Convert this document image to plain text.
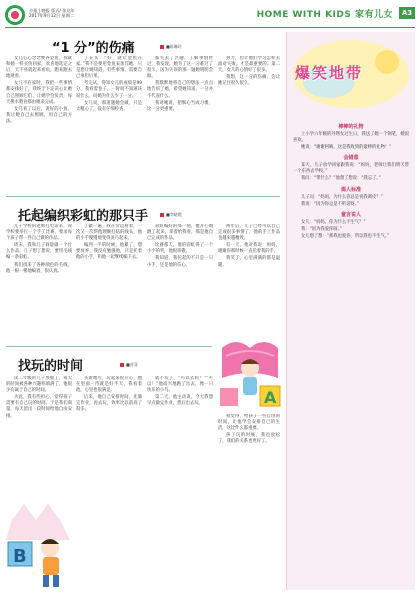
京报 | 晚报 版式/ 张达年
2017年9月12日 星期二	HOME WITH KIDS 家有儿女	A3
“1 分”的伤痛	■陈琳玲

女儿心心念念要养金鱼，我就和她一样买鱼回家，欢喜地选定之后，天不亮就起来看鱼，跑来跑去地观看。

女儿不在家时，我把一些事情都安排好了，我终于下定决心让她自己照顾它们，让她学会负责，每天换水喂食都由她来完成。

女儿看了以后，说好的小鱼，我让她自己去照顾，用自己的方法。

了在头：“好，就让金鱼在家。”我不是要用金鱼来惩罚她，只是想让她知道，有些事情，需要自己承担后果。

考完试，得知女儿的成绩是99分，我看着卷子，一时间不知道该说什么，问她为什么少了一分。

女儿说，那道题她会做，只是太粗心了，没有仔细检查。

都失去了兴趣。了解事情经过，我发现，她为了这一分难过了很久，因为失误的那一题她明明会做。

我默默地将自己的想法一点点地告诉了她，希望她知道，一分并不代表什么。

我对她说，把细心当成习惯，比一分更重要。

努力，但让他们学习怎样去面对失败，才是最重要的。第二天，女儿的心情好了很多。

我想，这一分的伤痛，会让她记住很久很久。

托起编织彩虹的那只手	■李晓霞

儿子学校的老师打电话来，说学校要举行一个手工比赛，要求每个孩子带一件自己做的作品。

周末，我和儿子商量做一个什么作品，儿子想了想说，要用毛线编一条彩虹。

我们找来了各种颜色的毛线，他一根一根地编着，很认真。

了做一遍。我在旁边看着，一次又一次帮他理顺打结的线头，他的小手慢慢地变得灵巧起来。

编到一半的时候，他累了，想要放弃，我没有勉强他，只是托着他的小手，和他一起继续编下去。

彩虹编好的那一刻，他开心地跳了起来，拿着给我看，那是他自己完成的作品。

比赛那天，他的彩虹得了一个小小的奖，他很骄傲。

我知道，我托起的不只是一只小手，还是他的信心。

两年后，儿子已经可以自己完成很多事情了，他的手工作品也越来越精致。

有一天，他对我说：妈妈，谢谢你那时候一直托着我的手。

我笑了，心里满满的都是温暖。

A
找玩的时间	■苏菲

读二年级的儿子放假了，每天的时间被各种兴趣班填满了，他很少有属于自己的时间。

为此，我有些担心，觉得孩子需要有自己玩的时间。于是我们商量，每天留出一段时间给他自由安排。

买新地方，玩起来很开心，他在里面一待就是好半天，我看着他，心里也很满足。

后来，他自己安排时间，先做完作业，再去玩，效率比以前高了很多。

就不玩了，“可以去吗？”“可以！”他高兴地跑了出去，像一只快乐的小鸟。

第二天，他主动说，今天我想早点做完作业，然后出去玩。

我觉得，给孩子一些自由的时间，让他学会安排自己的生活，这比什么都重要。

孩子玩的时候，我也放松了，我们的关系也更好了。

B
爆笑地带
棒棒的礼物

上小学六年级的外甥女过生日，我送了她一个钢笔，她很喜欢。

她说：“谢谢阿姨，这是我收到的最棒的礼物！”

会错意

某天，儿子放学回家跟我说：“妈妈，老师让我们明天带一个东西去学校。”

我问：“带什么？”他想了想说：“我忘了。”

捣人标准

儿子问：“妈妈，为什么你总是说我调皮？”

我说：“因为你总是不听话呀。”

童言说人

女儿：“妈妈，你为什么不生气？”

我：“因为我爱你呀。”

女儿想了想：“那我也爱你，所以我也不生气。”
